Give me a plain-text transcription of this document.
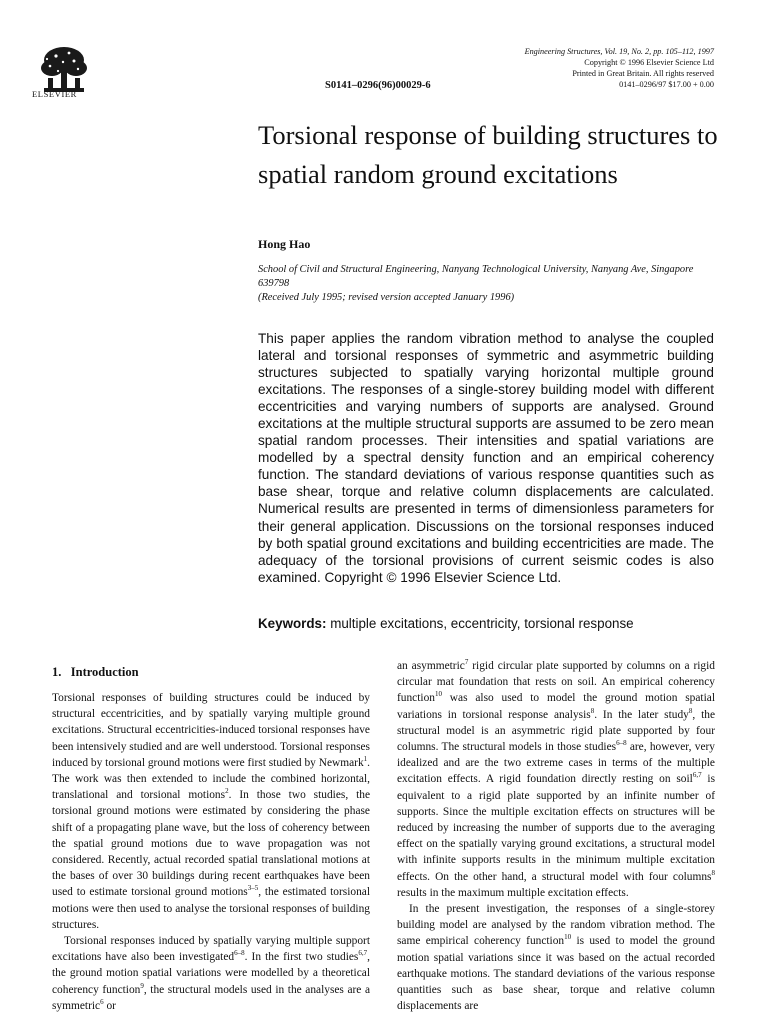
ELSEVIER
S0141–0296(96)00029-6
Engineering Structures, Vol. 19, No. 2, pp. 105–112, 1997
Copyright © 1996 Elsevier Science Ltd
Printed in Great Britain. All rights reserved
0141–0296/97 $17.00 + 0.00
Torsional response of building structures to spatial random ground excitations
Hong Hao
School of Civil and Structural Engineering, Nanyang Technological University, Nanyang Ave, Singapore 639798
(Received July 1995; revised version accepted January 1996)
This paper applies the random vibration method to analyse the coupled lateral and torsional responses of symmetric and asymmetric building structures subjected to spatially varying horizontal multiple ground excitations. The responses of a single-storey building model with different eccentricities and varying numbers of supports are analysed. Ground excitations at the multiple structural supports are assumed to be zero mean spatial random processes. Their intensities and spatial variations are modelled by a spectral density function and an empirical coherency function. The standard deviations of various response quantities such as base shear, torque and relative column displacements are calculated. Numerical results are presented in terms of dimensionless parameters for their general application. Discussions on the torsional responses induced by both spatial ground excitations and building eccentricities are made. The adequacy of the torsional provisions of current seismic codes is also examined. Copyright © 1996 Elsevier Science Ltd.
Keywords: multiple excitations, eccentricity, torsional response
1. Introduction

Torsional responses of building structures could be induced by structural eccentricities, and by spatially varying multiple ground excitations. Structural eccentricities-induced torsional responses have been intensively studied and are well understood. Torsional responses induced by torsional ground motions were first studied by Newmark$^1$. The work was then extended to include the combined horizontal, translational and torsional motions$^2$. In those two studies, the torsional ground motions were estimated by considering the phase shift of a propagating plane wave, but the loss of coherency between the spatial ground motions due to wave propagation was not considered. Recently, actual recorded spatial translational motions at the bases of over 30 buildings during recent earthquakes have been used to estimate torsional ground motions$^{3-5}$, the estimated torsional motions were then used to analyse the torsional responses of building structures.

Torsional responses induced by spatially varying multiple support excitations have also been investigated$^{6-8}$. In the first two studies$^{6,7}$, the ground motion spatial variations were modelled by a theoretical coherency function$^9$, the structural models used in the analyses are a symmetric$^6$ or

an asymmetric$^7$ rigid circular plate supported by columns on a rigid circular mat foundation that rests on soil. An empirical coherency function$^{10}$ was also used to model the ground motion spatial variations in torsional response analysis$^8$. In the later study$^8$, the structural model is an asymmetric rigid plate supported by four columns. The structural models in those studies$^{6-8}$ are, however, very idealized and are the two extreme cases in terms of the multiple excitation effects. A rigid foundation directly resting on soil$^{6,7}$ is equivalent to a rigid plate supported by an infinite number of supports. Since the multiple excitation effects on structures will be reduced by increasing the number of supports due to the averaging effect on the spatially varying ground excitations, a structural model with infinite supports results in the minimum multiple excitation effects. On the other hand, a structural model with four columns$^8$ results in the maximum multiple excitation effects.

In the present investigation, the responses of a single-storey building model are analysed by the random vibration method. The same empirical coherency function$^{10}$ is used to model the ground motion spatial variations since it was based on the actual recorded earthquake motions. The standard deviations of the various response quantities such as base shear, torque and relative column displacements are
